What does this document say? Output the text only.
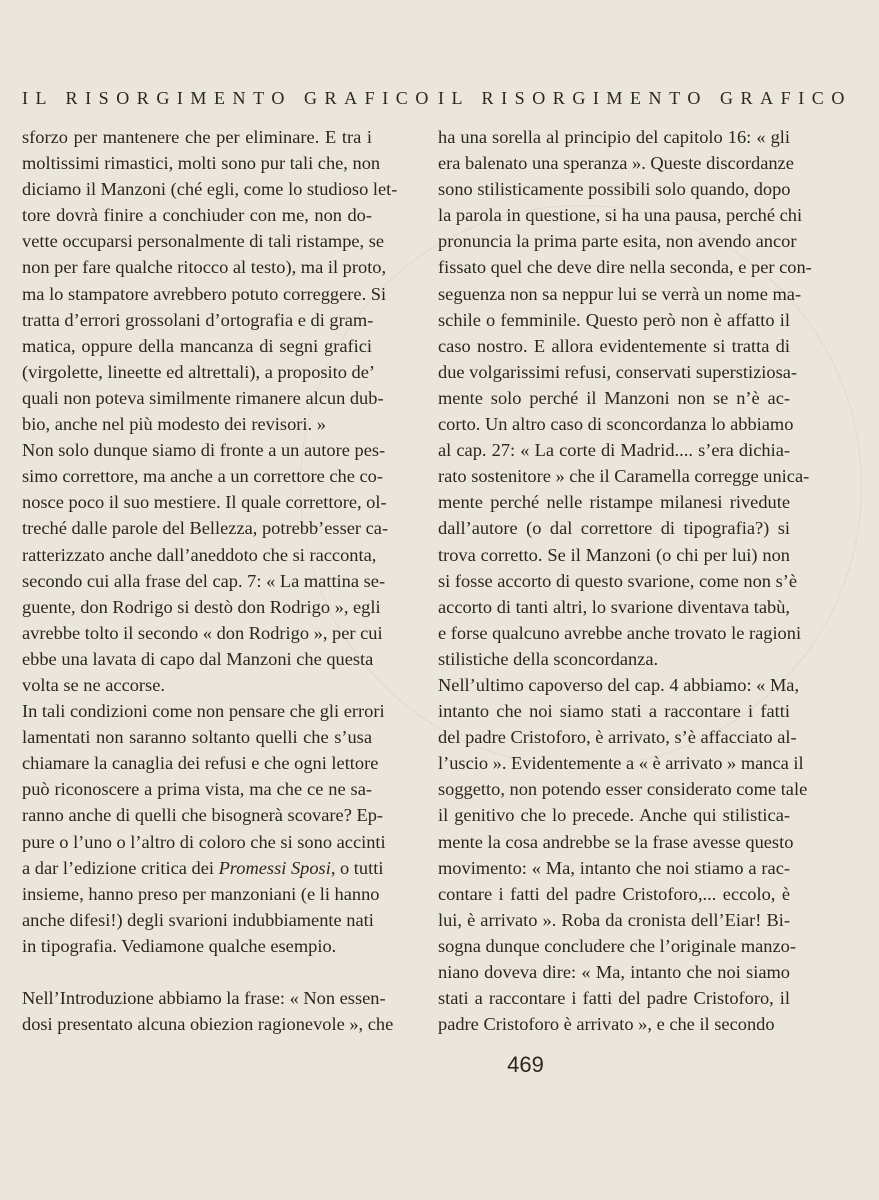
IL RISORGIMENTO GRAFICO IL RISORGIMENTO GRAFICO
sforzo per mantenere che per eliminare. E tra i
moltissimi rimastici, molti sono pur tali che, non
diciamo il Manzoni (ché egli, come lo studioso let-
tore dovrà finire a conchiuder con me, non do-
vette occuparsi personalmente di tali ristampe, se
non per fare qualche ritocco al testo), ma il proto,
ma lo stampatore avrebbero potuto correggere. Si
tratta d’errori grossolani d’ortografia e di gram-
matica, oppure della mancanza di segni grafici
(virgolette, lineette ed altrettali), a proposito de’
quali non poteva similmente rimanere alcun dub-
bio, anche nel più modesto dei revisori. »
Non solo dunque siamo di fronte a un autore pes-
simo correttore, ma anche a un correttore che co-
nosce poco il suo mestiere. Il quale correttore, ol-
treché dalle parole del Bellezza, potrebb’esser ca-
ratterizzato anche dall’aneddoto che si racconta,
secondo cui alla frase del cap. 7: « La mattina se-
guente, don Rodrigo si destò don Rodrigo », egli
avrebbe tolto il secondo « don Rodrigo », per cui
ebbe una lavata di capo dal Manzoni che questa
volta se ne accorse.
In tali condizioni come non pensare che gli errori
lamentati non saranno soltanto quelli che s’usa
chiamare la canaglia dei refusi e che ogni lettore
può riconoscere a prima vista, ma che ce ne sa-
ranno anche di quelli che bisognerà scovare? Ep-
pure o l’uno o l’altro di coloro che si sono accinti
a dar l’edizione critica dei Promessi Sposi, o tutti
insieme, hanno preso per manzoniani (e li hanno
anche difesi!) degli svarioni indubbiamente nati
in tipografia. Vediamone qualche esempio.
Nell’Introduzione abbiamo la frase: « Non essen-
dosi presentato alcuna obiezion ragionevole », che
ha una sorella al principio del capitolo 16: « gli
era balenato una speranza ». Queste discordanze
sono stilisticamente possibili solo quando, dopo
la parola in questione, si ha una pausa, perché chi
pronuncia la prima parte esita, non avendo ancor
fissato quel che deve dire nella seconda, e per con-
seguenza non sa neppur lui se verrà un nome ma-
schile o femminile. Questo però non è affatto il
caso nostro. E allora evidentemente si tratta di
due volgarissimi refusi, conservati superstiziosa-
mente solo perché il Manzoni non se n’è ac-
corto. Un altro caso di sconcordanza lo abbiamo
al cap. 27: « La corte di Madrid.... s’era dichia-
rato sostenitore » che il Caramella corregge unica-
mente perché nelle ristampe milanesi rivedute
dall’autore (o dal correttore di tipografia?) si
trova corretto. Se il Manzoni (o chi per lui) non
si fosse accorto di questo svarione, come non s’è
accorto di tanti altri, lo svarione diventava tabù,
e forse qualcuno avrebbe anche trovato le ragioni
stilistiche della sconcordanza.
Nell’ultimo capoverso del cap. 4 abbiamo: « Ma,
intanto che noi siamo stati a raccontare i fatti
del padre Cristoforo, è arrivato, s’è affacciato al-
l’uscio ». Evidentemente a « è arrivato » manca il
soggetto, non potendo esser considerato come tale
il genitivo che lo precede. Anche qui stilistica-
mente la cosa andrebbe se la frase avesse questo
movimento: « Ma, intanto che noi stiamo a rac-
contare i fatti del padre Cristoforo,... eccolo, è
lui, è arrivato ». Roba da cronista dell’Eiar! Bi-
sogna dunque concludere che l’originale manzo-
niano doveva dire: « Ma, intanto che noi siamo
stati a raccontare i fatti del padre Cristoforo, il
padre Cristoforo è arrivato », e che il secondo
469
